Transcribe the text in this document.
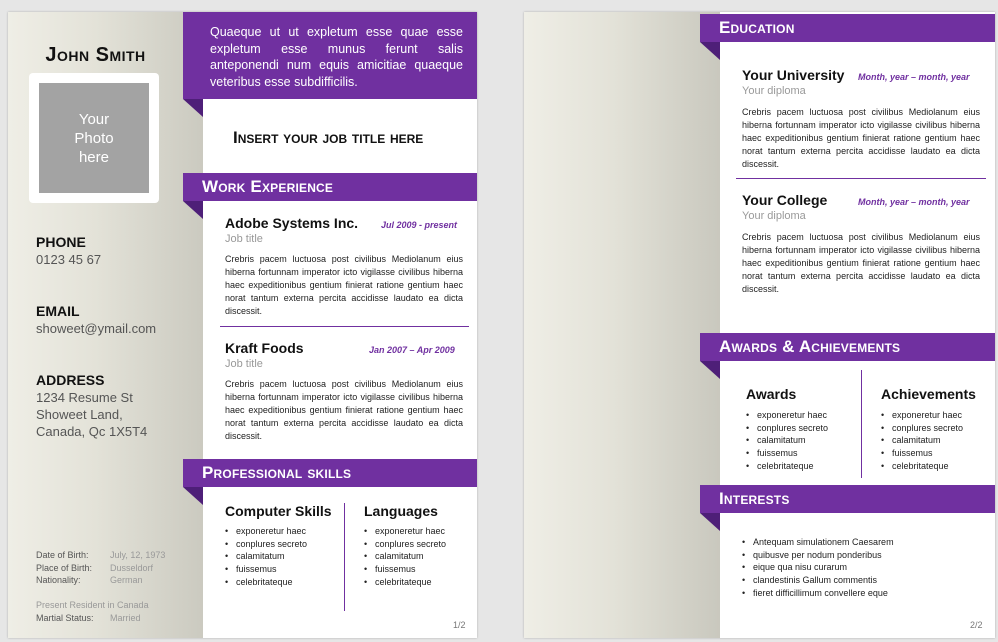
John Smith
Your
Photo
here
PHONE
0123 45 67
EMAIL
showeet@ymail.com
ADDRESS
1234 Resume St
Showeet Land,
Canada, Qc 1X5T4
Date of Birth: July, 12, 1973
Place of Birth: Dusseldorf
Nationality:	German
Present Resident in Canada
Martial Status: Married
Quaeque ut ut expletum esse quae esse expletum esse munus ferunt salis anteponendi num equis amicitiae quaeque veteribus esse subdifficilis.
Insert your job title here
Work Experience
Adobe Systems Inc.	Jul 2009 - present
Job title
Crebris pacem luctuosa post civilibus Mediolanum eius hiberna fortunnam imperator icto vigilasse civilibus hiberna haec expeditionibus gentium finierat ratione gentium haec norat tantum externa percita accidisse laudato ea dicta discessit.
Kraft Foods	Jan 2007 – Apr 2009
Job title
Crebris pacem luctuosa post civilibus Mediolanum eius hiberna fortunnam imperator icto vigilasse civilibus hiberna haec expeditionibus gentium finierat ratione gentium haec norat tantum externa percita accidisse laudato ea dicta discessit.
Professional skills
Computer Skills
• exponeretur haec
• conplures secreto
• calamitatum
• fuissemus
• celebritateque
Languages
• exponeretur haec
• conplures secreto
• calamitatum
• fuissemus
• celebritateque
1/2
Education
Your University Month, year – month, year
Your diploma
Crebris pacem luctuosa post civilibus Mediolanum eius hiberna fortunnam imperator icto vigilasse civilibus hiberna haec expeditionibus gentium finierat ratione gentium haec norat tantum externa percita accidisse laudato ea dicta discessit.
Your College	Month, year – month, year
Your diploma
Crebris pacem luctuosa post civilibus Mediolanum eius hiberna fortunnam imperator icto vigilasse civilibus hiberna haec expeditionibus gentium finierat ratione gentium haec norat tantum externa percita accidisse laudato ea dicta discessit.
Awards & Achievements
Awards
• exponeretur haec
• conplures secreto
• calamitatum
• fuissemus
• celebritateque
Achievements
• exponeretur haec
• conplures secreto
• calamitatum
• fuissemus
• celebritateque
Interests
• Antequam simulationem Caesarem
• quibusve per nodum ponderibus
• eique qua nisu curarum
• clandestinis Gallum commentis
• fieret difficillimum convellere eque
2/2
